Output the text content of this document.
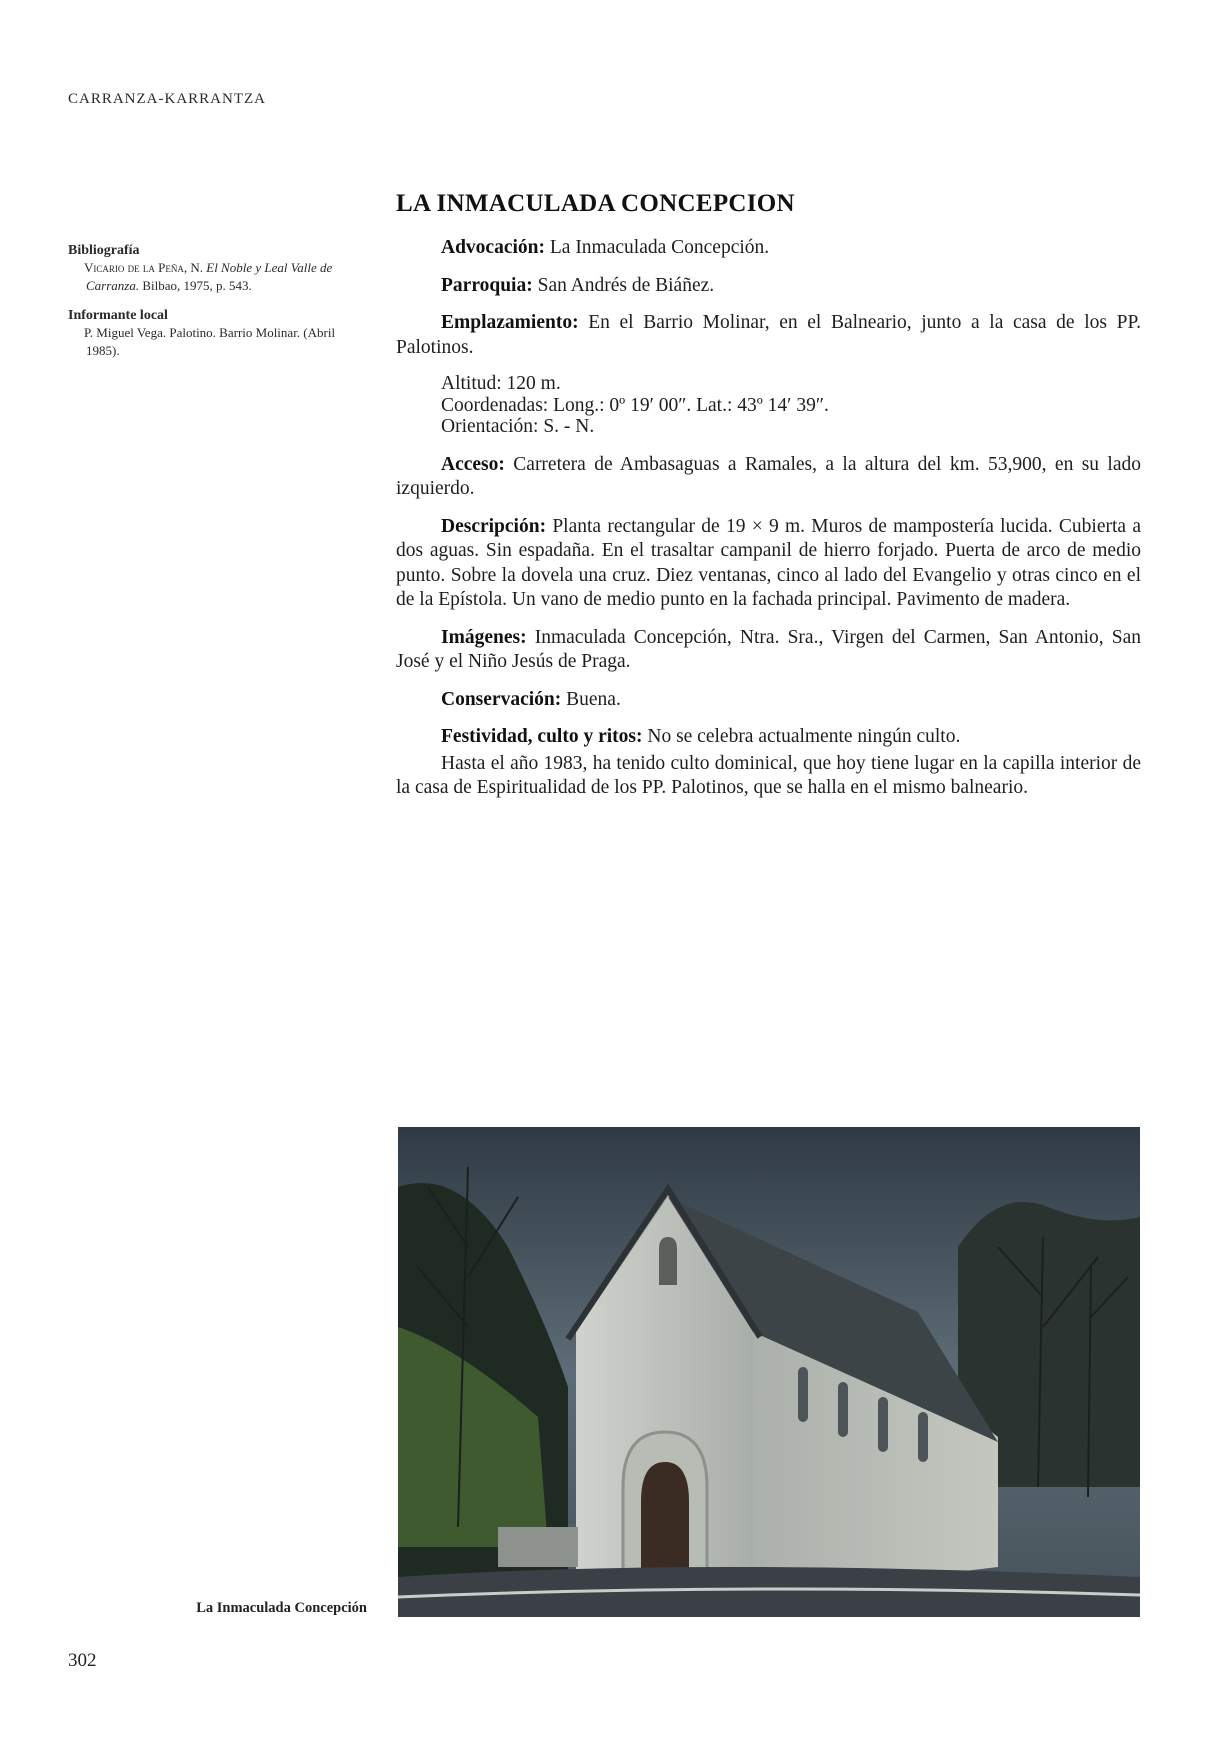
CARRANZA-KARRANTZA
Bibliografía
Vicario de la Peña, N. El Noble y Leal Valle de Carranza. Bilbao, 1975, p. 543.
Informante local
P. Miguel Vega. Palotino. Barrio Molinar. (Abril 1985).
LA INMACULADA CONCEPCION

Advocación: La Inmaculada Concepción.

Parroquia: San Andrés de Biáñez.

Emplazamiento: En el Barrio Molinar, en el Balneario, junto a la casa de los PP. Palotinos.

Altitud: 120 m.
Coordenadas: Long.: 0º 19′ 00″. Lat.: 43º 14′ 39″.
Orientación: S. - N.

Acceso: Carretera de Ambasaguas a Ramales, a la altura del km. 53,900, en su lado izquierdo.

Descripción: Planta rectangular de 19 × 9 m. Muros de mampostería lucida. Cubierta a dos aguas. Sin espadaña. En el trasaltar campanil de hierro forjado. Puerta de arco de medio punto. Sobre la dovela una cruz. Diez ventanas, cinco al lado del Evangelio y otras cinco en el de la Epístola. Un vano de medio punto en la fachada principal. Pavimento de madera.

Imágenes: Inmaculada Concepción, Ntra. Sra., Virgen del Carmen, San Antonio, San José y el Niño Jesús de Praga.

Conservación: Buena.

Festividad, culto y ritos: No se celebra actualmente ningún culto.

Hasta el año 1983, ha tenido culto dominical, que hoy tiene lugar en la capilla interior de la casa de Espiritualidad de los PP. Palotinos, que se halla en el mismo balneario.

La Inmaculada Concepción
302
